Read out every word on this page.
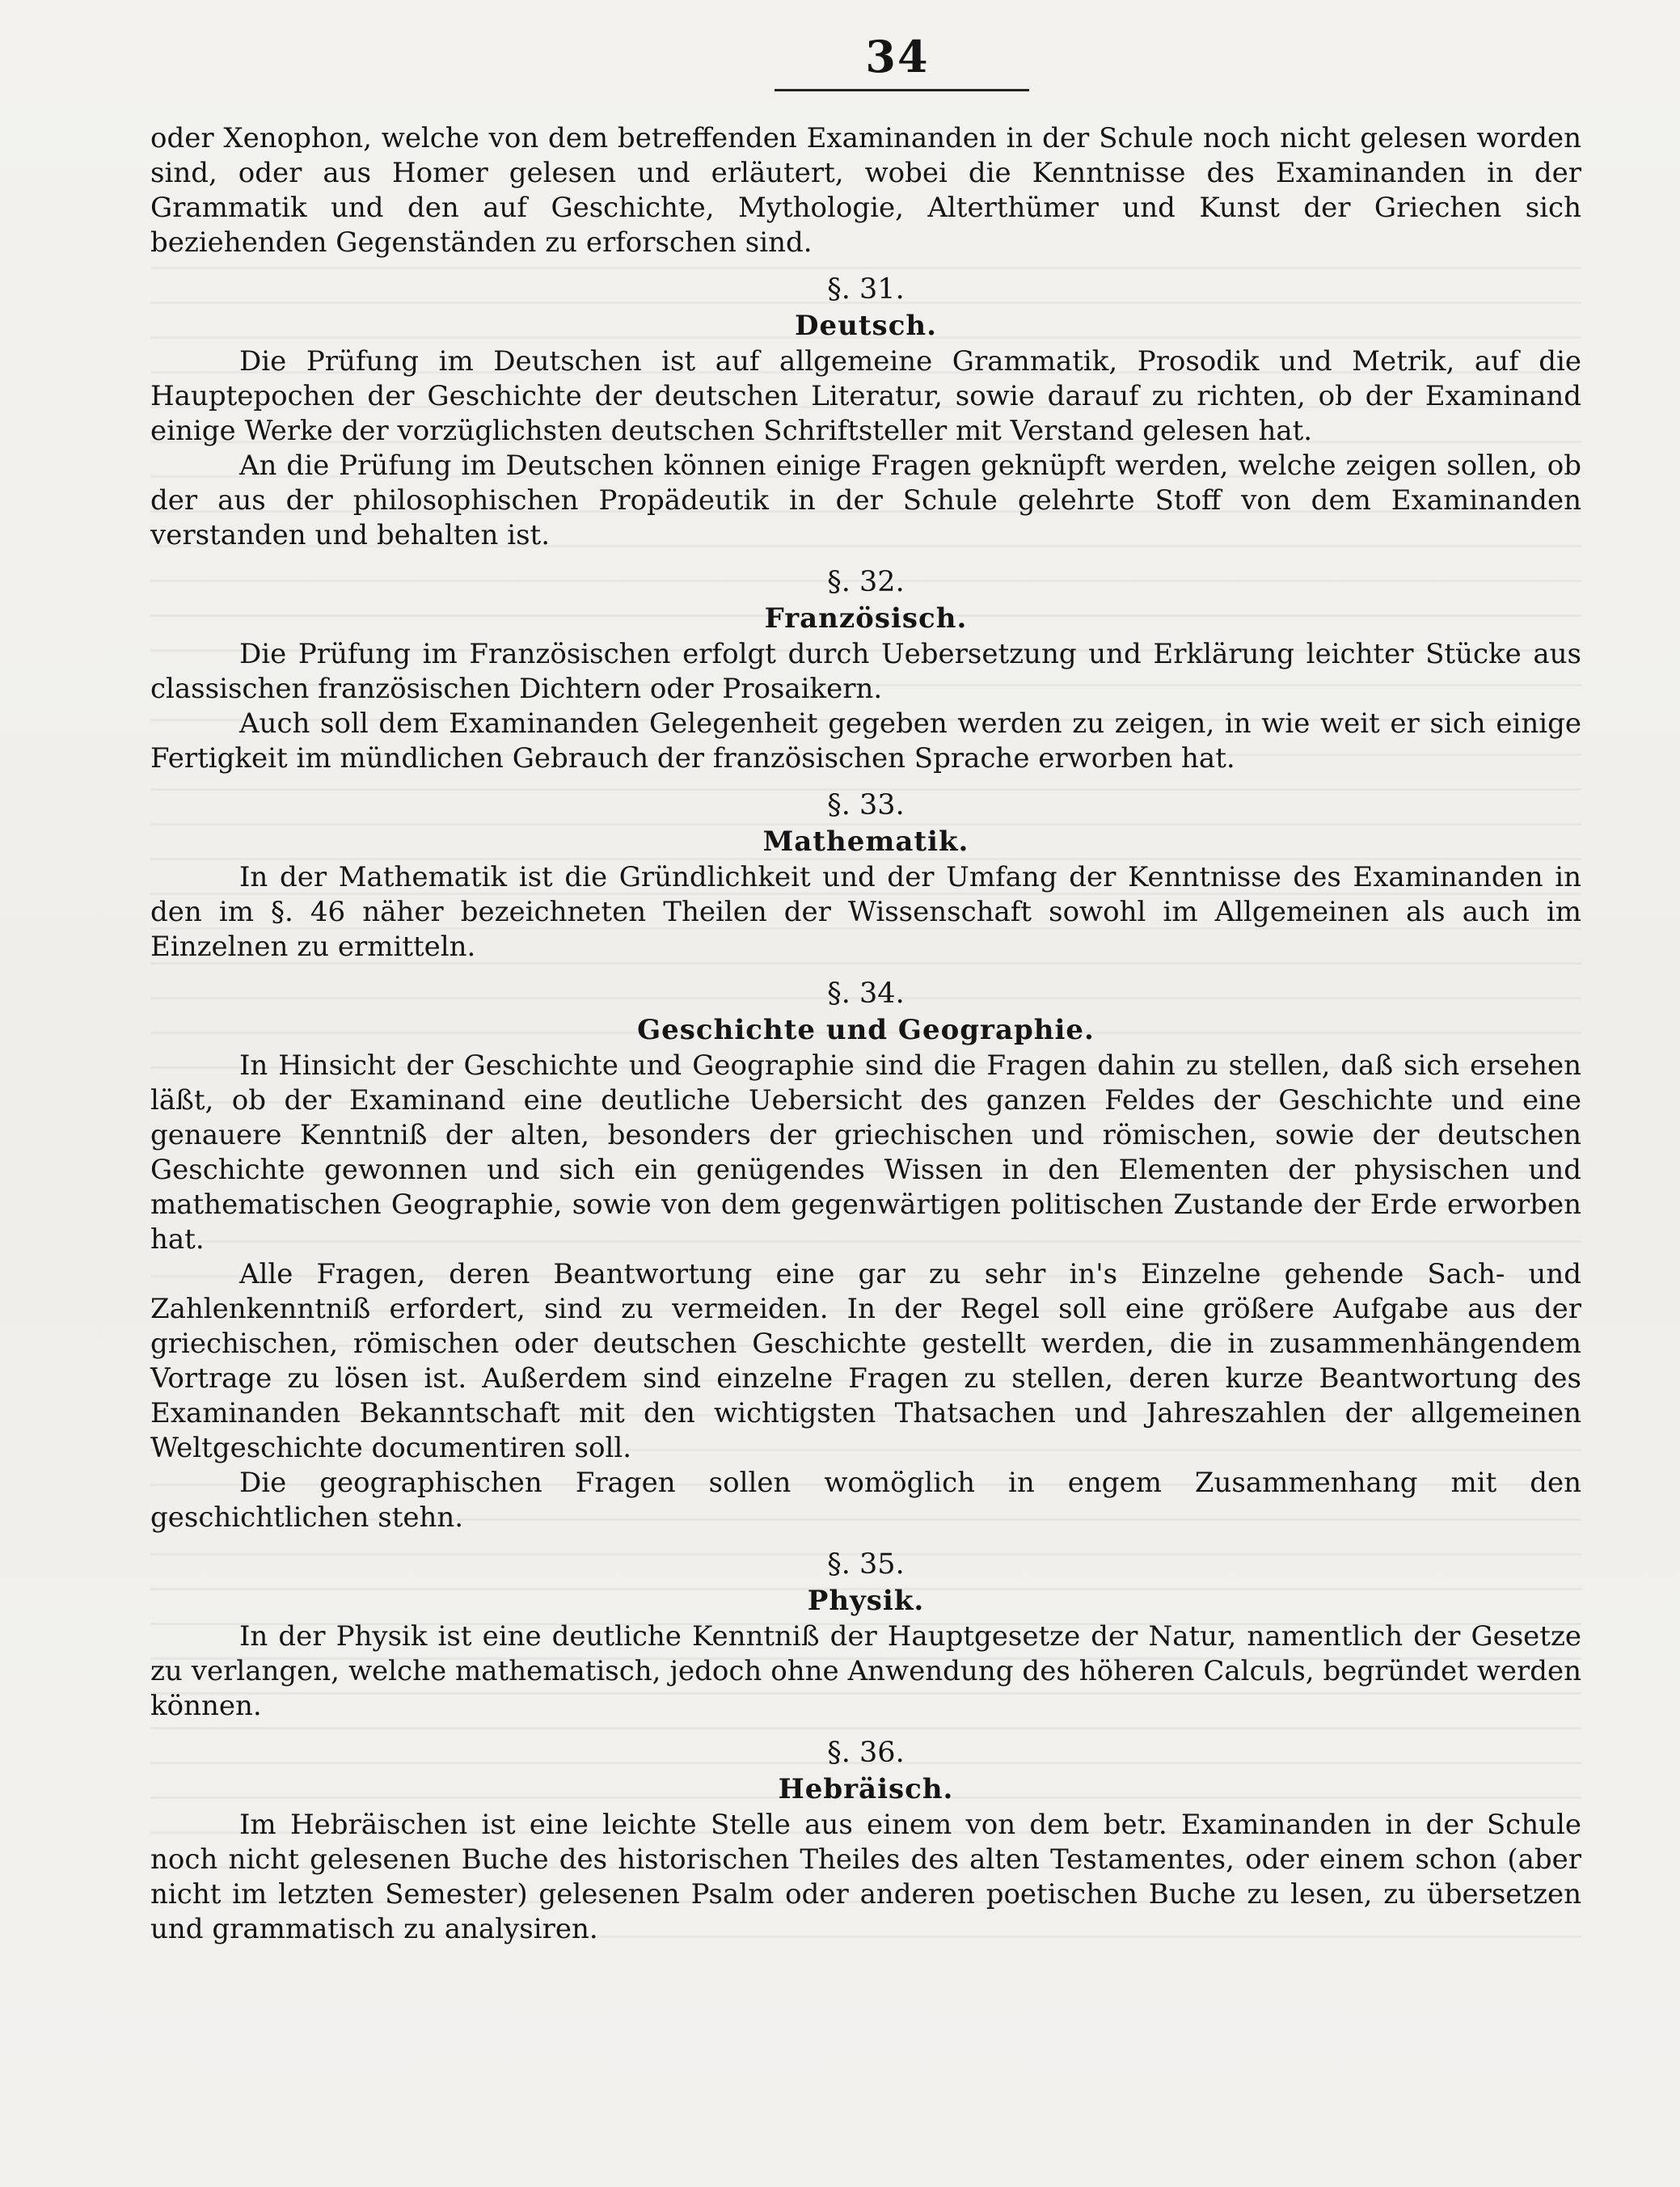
34

oder Xenophon, welche von dem betreffenden Examinanden in der Schule noch nicht gelesen worden sind, oder aus Homer gelesen und erläutert, wobei die Kenntnisse des Examinanden in der Grammatik und den auf Geschichte, Mythologie, Alterthümer und Kunst der Griechen sich beziehenden Gegenständen zu erforschen sind.

§. 31.
Deutsch.

Die Prüfung im Deutschen ist auf allgemeine Grammatik, Prosodik und Metrik, auf die Hauptepochen der Geschichte der deutschen Literatur, sowie darauf zu richten, ob der Examinand einige Werke der vorzüglichsten deutschen Schriftsteller mit Verstand gelesen hat.

An die Prüfung im Deutschen können einige Fragen geknüpft werden, welche zeigen sollen, ob der aus der philosophischen Propädeutik in der Schule gelehrte Stoff von dem Examinanden verstanden und behalten ist.

§. 32.
Französisch.

Die Prüfung im Französischen erfolgt durch Uebersetzung und Erklärung leichter Stücke aus classischen französischen Dichtern oder Prosaikern.

Auch soll dem Examinanden Gelegenheit gegeben werden zu zeigen, in wie weit er sich einige Fertigkeit im mündlichen Gebrauch der französischen Sprache erworben hat.

§. 33.
Mathematik.

In der Mathematik ist die Gründlichkeit und der Umfang der Kenntnisse des Examinanden in den im §. 46 näher bezeichneten Theilen der Wissenschaft sowohl im Allgemeinen als auch im Einzelnen zu ermitteln.

§. 34.
Geschichte und Geographie.

In Hinsicht der Geschichte und Geographie sind die Fragen dahin zu stellen, daß sich ersehen läßt, ob der Examinand eine deutliche Uebersicht des ganzen Feldes der Geschichte und eine genauere Kenntniß der alten, besonders der griechischen und römischen, sowie der deutschen Geschichte gewonnen und sich ein genügendes Wissen in den Elementen der physischen und mathematischen Geographie, sowie von dem gegenwärtigen politischen Zustande der Erde erworben hat.

Alle Fragen, deren Beantwortung eine gar zu sehr in's Einzelne gehende Sach- und Zahlenkenntniß erfordert, sind zu vermeiden. In der Regel soll eine größere Aufgabe aus der griechischen, römischen oder deutschen Geschichte gestellt werden, die in zusammenhängendem Vortrage zu lösen ist. Außerdem sind einzelne Fragen zu stellen, deren kurze Beantwortung des Examinanden Bekanntschaft mit den wichtigsten Thatsachen und Jahreszahlen der allgemeinen Weltgeschichte documentiren soll.

Die geographischen Fragen sollen womöglich in engem Zusammenhang mit den geschichtlichen stehn.

§. 35.
Physik.

In der Physik ist eine deutliche Kenntniß der Hauptgesetze der Natur, namentlich der Gesetze zu verlangen, welche mathematisch, jedoch ohne Anwendung des höheren Calculs, begründet werden können.

§. 36.
Hebräisch.

Im Hebräischen ist eine leichte Stelle aus einem von dem betr. Examinanden in der Schule noch nicht gelesenen Buche des historischen Theiles des alten Testamentes, oder einem schon (aber nicht im letzten Semester) gelesenen Psalm oder anderen poetischen Buche zu lesen, zu übersetzen und grammatisch zu analysiren.
